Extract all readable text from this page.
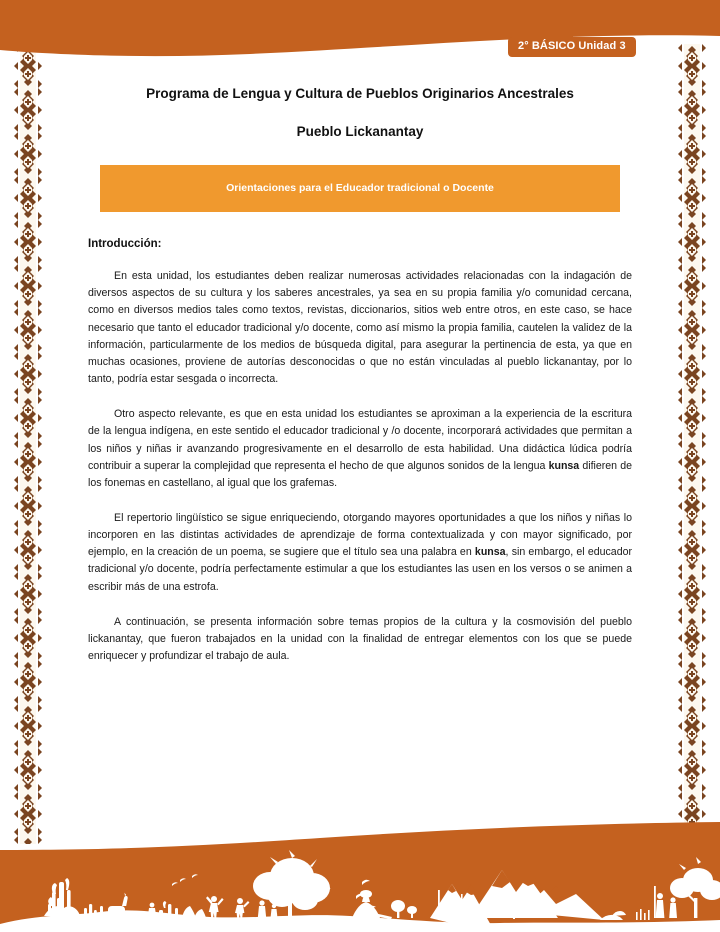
2° BÁSICO Unidad 3
Programa de Lengua y Cultura de Pueblos Originarios Ancestrales
Pueblo Lickanantay
Orientaciones para el Educador tradicional o Docente
Introducción:

En esta unidad, los estudiantes deben realizar numerosas actividades relacionadas con la indagación de diversos aspectos de su cultura y los saberes ancestrales, ya sea en su propia familia y/o comunidad cercana, como en diversos medios tales como textos, revistas, diccionarios, sitios web entre otros, en este caso, se hace necesario que tanto el educador tradicional y/o docente, como así mismo la propia familia, cautelen la validez de la información, particularmente de los medios de búsqueda digital, para asegurar la pertinencia de esta, ya que en muchas ocasiones, proviene de autorías desconocidas o que no están vinculadas al pueblo lickanantay, por lo tanto, podría estar sesgada o incorrecta.

Otro aspecto relevante, es que en esta unidad los estudiantes se aproximan a la experiencia de la escritura de la lengua indígena, en este sentido el educador tradicional y /o docente, incorporará actividades que permitan a los niños y niñas ir avanzando progresivamente en el desarrollo de esta habilidad. Una didáctica lúdica podría contribuir a superar la complejidad que representa el hecho de que algunos sonidos de la lengua kunsa difieren de los fonemas en castellano, al igual que los grafemas.

El repertorio lingüístico se sigue enriqueciendo, otorgando mayores oportunidades a que los niños y niñas lo incorporen en las distintas actividades de aprendizaje de forma contextualizada y con mayor significado, por ejemplo, en la creación de un poema, se sugiere que el título sea una palabra en kunsa, sin embargo, el educador tradicional y/o docente, podría perfectamente estimular a que los estudiantes las usen en los versos o se animen a escribir más de una estrofa.

A continuación, se presenta información sobre temas propios de la cultura y la cosmovisión del pueblo lickanantay, que fueron trabajados en la unidad con la finalidad de entregar elementos con los que se puede enriquecer y profundizar el trabajo de aula.
